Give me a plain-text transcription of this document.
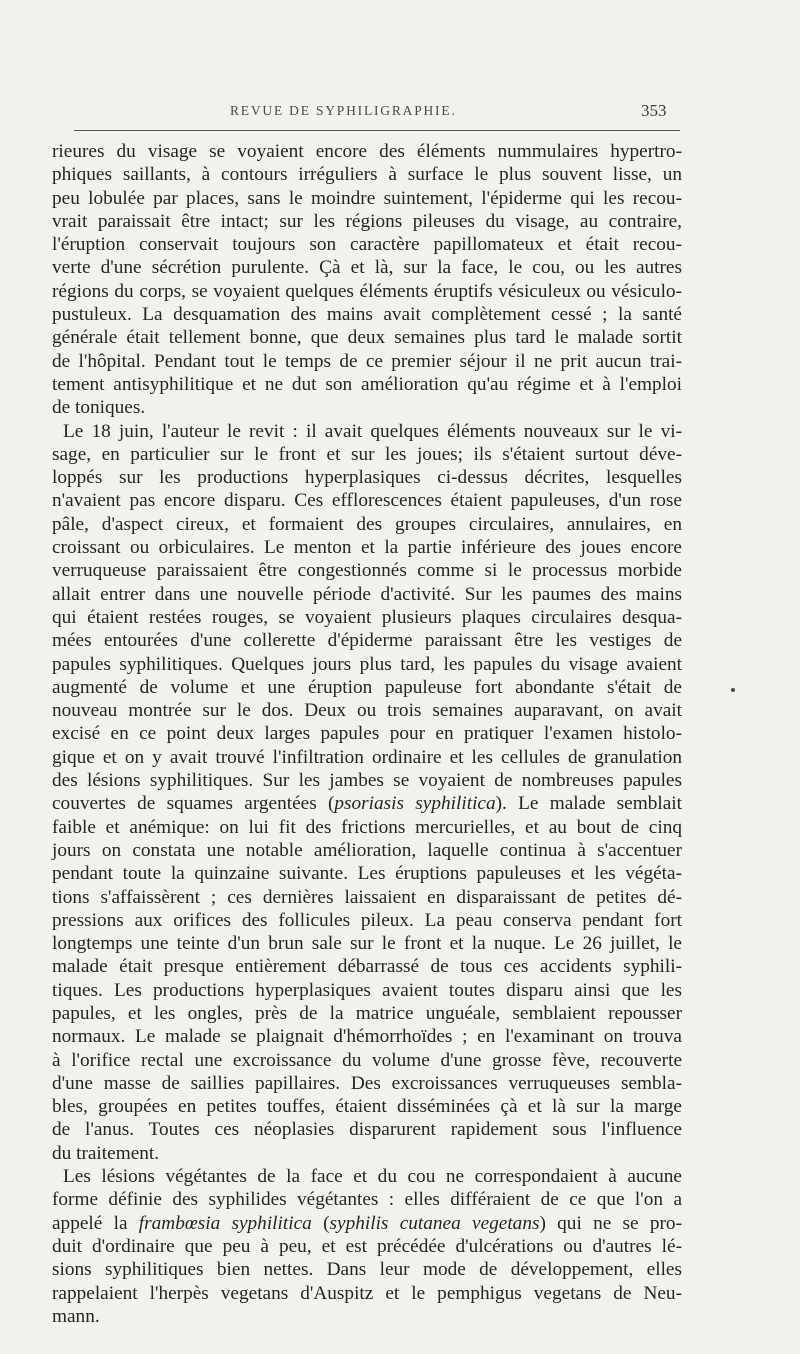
REVUE DE SYPHILIGRAPHIE.	353

rieures du visage se voyaient encore des éléments nummulaires hypertro-
phiques saillants, à contours irréguliers à surface le plus souvent lisse, un
peu lobulée par places, sans le moindre suintement, l'épiderme qui les recou-
vrait paraissait être intact; sur les régions pileuses du visage, au contraire,
l'éruption conservait toujours son caractère papillomateux et était recou-
verte d'une sécrétion purulente. Çà et là, sur la face, le cou, ou les autres
régions du corps, se voyaient quelques éléments éruptifs vésiculeux ou vésiculo-
pustuleux. La desquamation des mains avait complètement cessé ; la santé
générale était tellement bonne, que deux semaines plus tard le malade sortit
de l'hôpital. Pendant tout le temps de ce premier séjour il ne prit aucun trai-
tement antisyphilitique et ne dut son amélioration qu'au régime et à l'emploi
de toniques.

Le 18 juin, l'auteur le revit : il avait quelques éléments nouveaux sur le vi-
sage, en particulier sur le front et sur les joues; ils s'étaient surtout déve-
loppés sur les productions hyperplasiques ci-dessus décrites, lesquelles
n'avaient pas encore disparu. Ces efflorescences étaient papuleuses, d'un rose
pâle, d'aspect cireux, et formaient des groupes circulaires, annulaires, en
croissant ou orbiculaires. Le menton et la partie inférieure des joues encore
verruqueuse paraissaient être congestionnés comme si le processus morbide
allait entrer dans une nouvelle période d'activité. Sur les paumes des mains
qui étaient restées rouges, se voyaient plusieurs plaques circulaires desqua-
mées entourées d'une collerette d'épiderme paraissant être les vestiges de
papules syphilitiques. Quelques jours plus tard, les papules du visage avaient
augmenté de volume et une éruption papuleuse fort abondante s'était de
nouveau montrée sur le dos. Deux ou trois semaines auparavant, on avait
excisé en ce point deux larges papules pour en pratiquer l'examen histolo-
gique et on y avait trouvé l'infiltration ordinaire et les cellules de granulation
des lésions syphilitiques. Sur les jambes se voyaient de nombreuses papules
couvertes de squames argentées (psoriasis syphilitica). Le malade semblait
faible et anémique: on lui fit des frictions mercurielles, et au bout de cinq
jours on constata une notable amélioration, laquelle continua à s'accentuer
pendant toute la quinzaine suivante. Les éruptions papuleuses et les végéta-
tions s'affaissèrent ; ces dernières laissaient en disparaissant de petites dé-
pressions aux orifices des follicules pileux. La peau conserva pendant fort
longtemps une teinte d'un brun sale sur le front et la nuque. Le 26 juillet, le
malade était presque entièrement débarrassé de tous ces accidents syphili-
tiques. Les productions hyperplasiques avaient toutes disparu ainsi que les
papules, et les ongles, près de la matrice unguéale, semblaient repousser
normaux. Le malade se plaignait d'hémorrhoïdes ; en l'examinant on trouva
à l'orifice rectal une excroissance du volume d'une grosse fève, recouverte
d'une masse de saillies papillaires. Des excroissances verruqueuses sembla-
bles, groupées en petites touffes, étaient disséminées çà et là sur la marge
de l'anus. Toutes ces néoplasies disparurent rapidement sous l'influence
du traitement.

Les lésions végétantes de la face et du cou ne correspondaient à aucune
forme définie des syphilides végétantes : elles différaient de ce que l'on a
appelé la frambœsia syphilitica (syphilis cutanea vegetans) qui ne se pro-
duit d'ordinaire que peu à peu, et est précédée d'ulcérations ou d'autres lé-
sions syphilitiques bien nettes. Dans leur mode de développement, elles
rappelaient l'herpès vegetans d'Auspitz et le pemphigus vegetans de Neu-
mann.
